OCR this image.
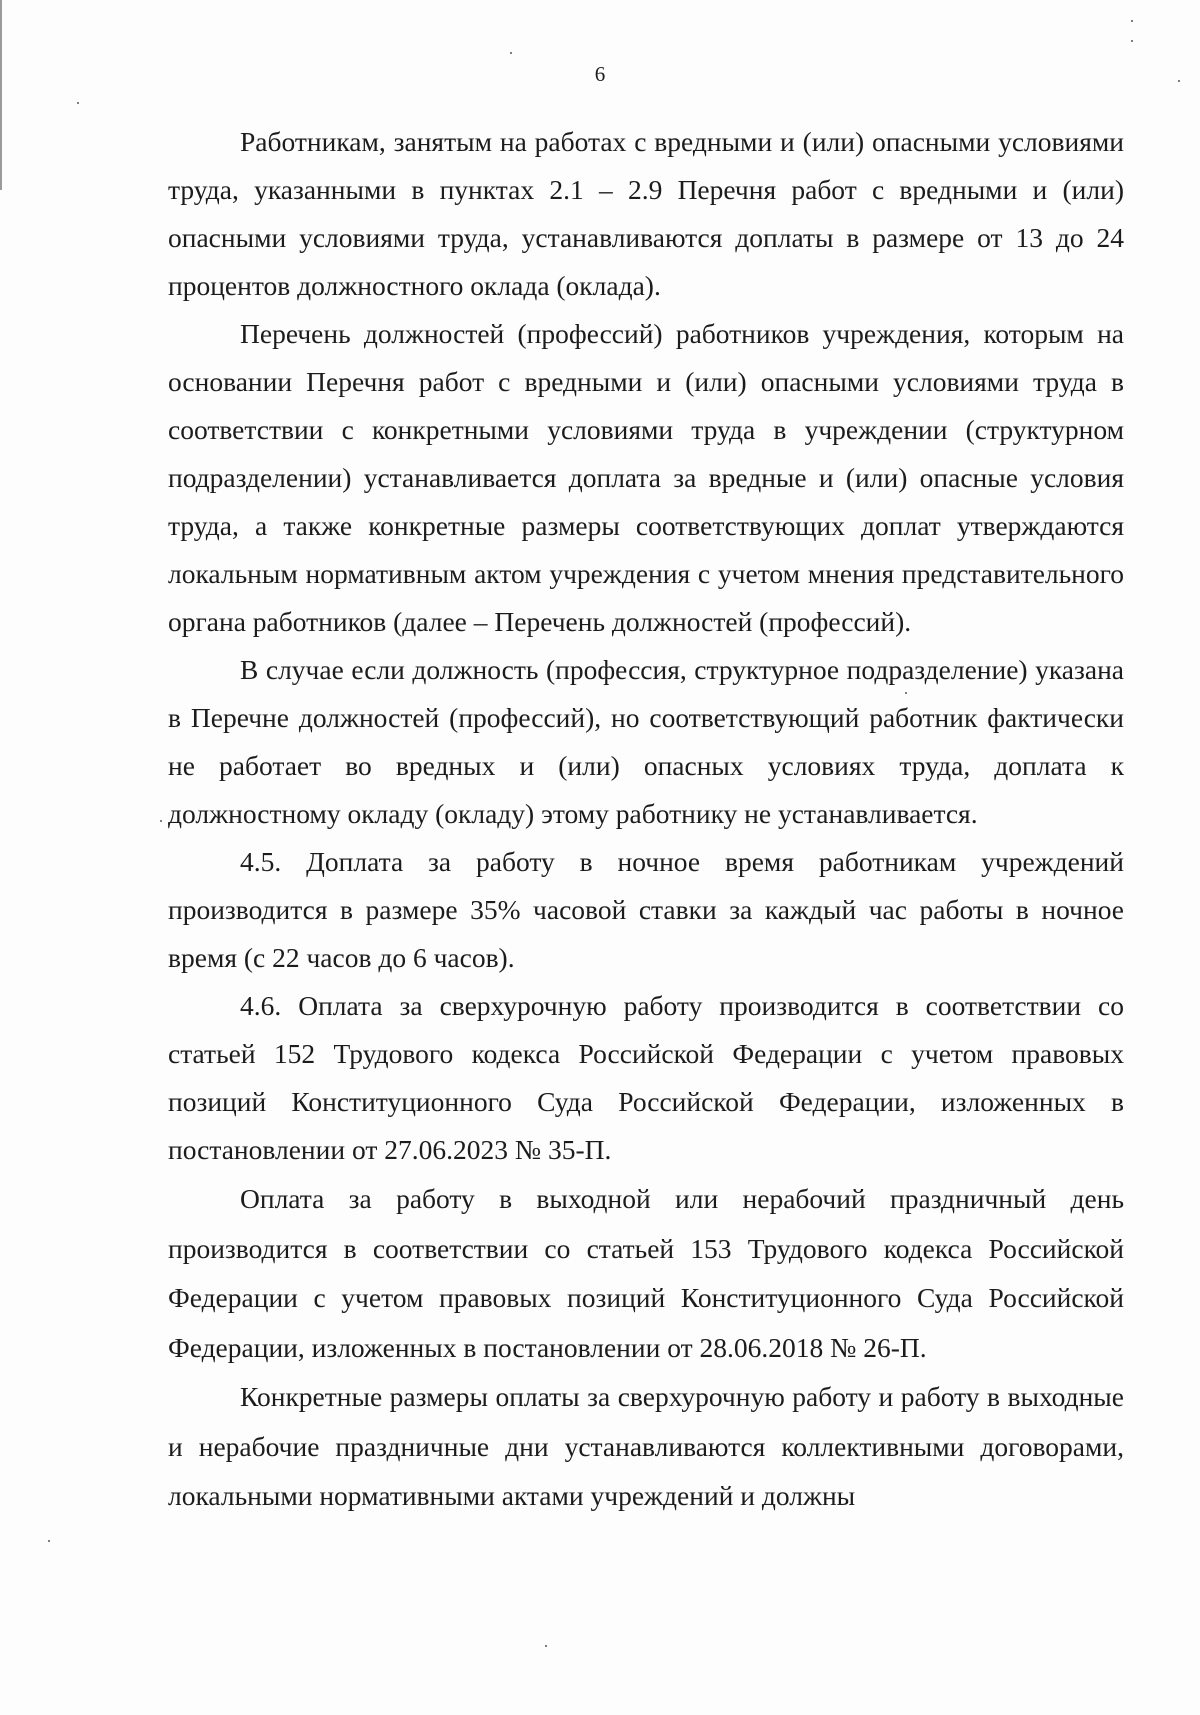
6

Работникам, занятым на работах с вредными и (или) опасными условиями труда, указанными в пунктах 2.1 – 2.9 Перечня работ с вредными и (или) опасными условиями труда, устанавливаются доплаты в размере от 13 до 24 процентов должностного оклада (оклада).

Перечень должностей (профессий) работников учреждения, которым на основании Перечня работ с вредными и (или) опасными условиями труда в соответствии с конкретными условиями труда в учреждении (структурном подразделении) устанавливается доплата за вредные и (или) опасные условия труда, а также конкретные размеры соответствующих доплат утверждаются локальным нормативным актом учреждения с учетом мнения представительного органа работников (далее – Перечень должностей (профессий).

В случае если должность (профессия, структурное подразделение) указана в Перечне должностей (профессий), но соответствующий работник фактически не работает во вредных и (или) опасных условиях труда, доплата к должностному окладу (окладу) этому работнику не устанавливается.

4.5. Доплата за работу в ночное время работникам учреждений производится в размере 35% часовой ставки за каждый час работы в ночное время (с 22 часов до 6 часов).

4.6. Оплата за сверхурочную работу производится в соответствии со статьей 152 Трудового кодекса Российской Федерации с учетом правовых позиций Конституционного Суда Российской Федерации, изложенных в постановлении от 27.06.2023 № 35-П.

Оплата за работу в выходной или нерабочий праздничный день производится в соответствии со статьей 153 Трудового кодекса Российской Федерации с учетом правовых позиций Конституционного Суда Российской Федерации, изложенных в постановлении от 28.06.2018 № 26-П.

Конкретные размеры оплаты за сверхурочную работу и работу в выходные и нерабочие праздничные дни устанавливаются коллективными договорами, локальными нормативными актами учреждений и должны
